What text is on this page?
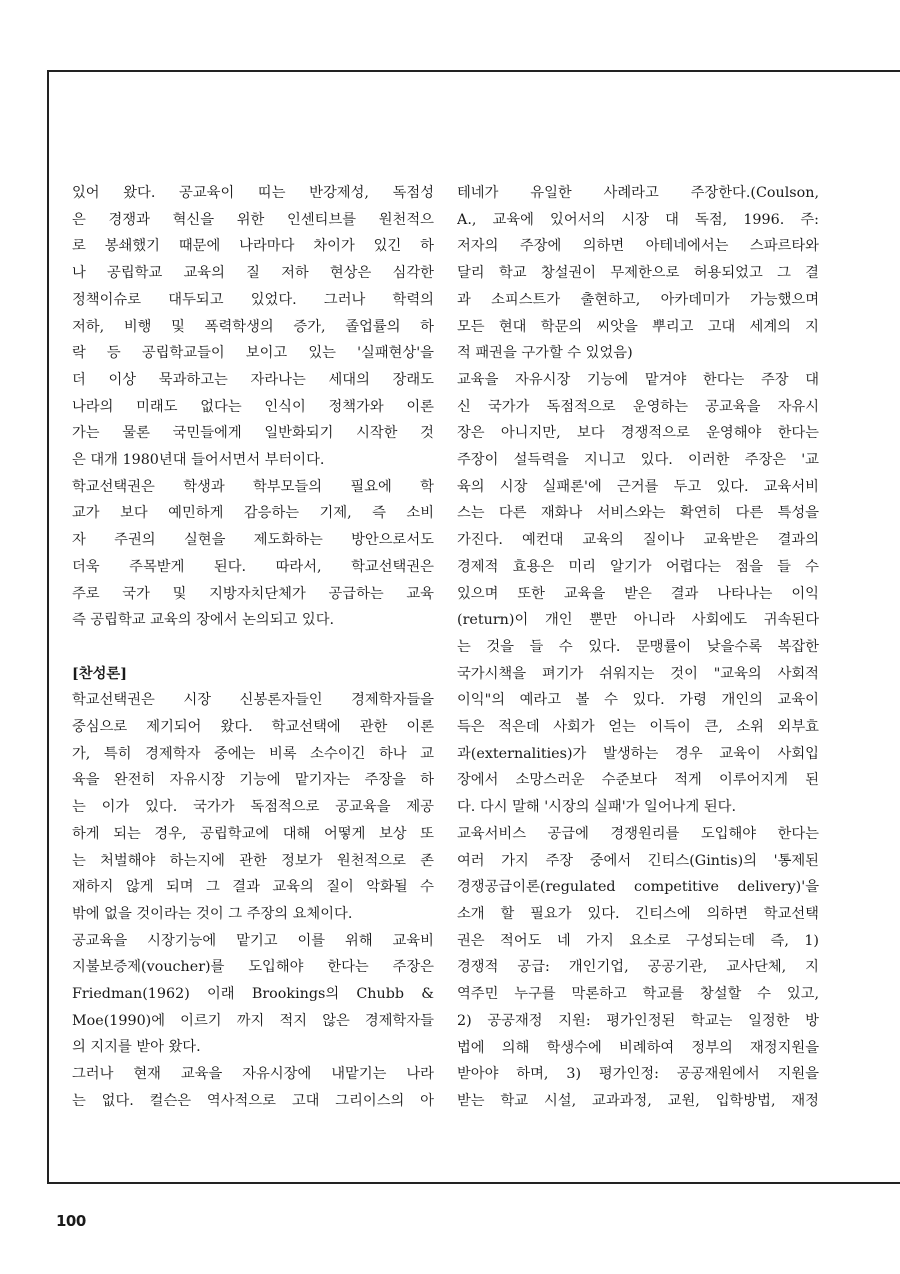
있어 왔다. 공교육이 띠는 반강제성, 독점성
은 경쟁과 혁신을 위한 인센티브를 원천적으
로 봉쇄했기 때문에 나라마다 차이가 있긴 하
나 공립학교 교육의 질 저하 현상은 심각한
정책이슈로 대두되고 있었다. 그러나 학력의
저하, 비행 및 폭력학생의 증가, 졸업률의 하
락 등 공립학교들이 보이고 있는 '실패현상'을
더 이상 묵과하고는 자라나는 세대의 장래도
나라의 미래도 없다는 인식이 정책가와 이론
가는 물론 국민들에게 일반화되기 시작한 것
은 대개 1980년대 들어서면서 부터이다.
학교선택권은 학생과 학부모들의 필요에 학
교가 보다 예민하게 감응하는 기제, 즉 소비
자 주권의 실현을 제도화하는 방안으로서도
더욱 주목받게 된다. 따라서, 학교선택권은
주로 국가 및 지방자치단체가 공급하는 교육
즉 공립학교 교육의 장에서 논의되고 있다.
[찬성론]
학교선택권은 시장 신봉론자들인 경제학자들을
중심으로 제기되어 왔다. 학교선택에 관한 이론
가, 특히 경제학자 중에는 비록 소수이긴 하나 교
육을 완전히 자유시장 기능에 맡기자는 주장을 하
는 이가 있다. 국가가 독점적으로 공교육을 제공
하게 되는 경우, 공립학교에 대해 어떻게 보상 또
는 처벌해야 하는지에 관한 정보가 원천적으로 존
재하지 않게 되며 그 결과 교육의 질이 악화될 수
밖에 없을 것이라는 것이 그 주장의 요체이다.
공교육을 시장기능에 맡기고 이를 위해 교육비
지불보증제(voucher)를 도입해야 한다는 주장은
Friedman(1962) 이래 Brookings의 Chubb &
Moe(1990)에 이르기 까지 적지 않은 경제학자들
의 지지를 받아 왔다.
그러나 현재 교육을 자유시장에 내맡기는 나라
는 없다. 컬슨은 역사적으로 고대 그리이스의 아
테네가 유일한 사례라고 주장한다.(Coulson,
A., 교육에 있어서의 시장 대 독점, 1996. 주:
저자의 주장에 의하면 아테네에서는 스파르타와
달리 학교 창설권이 무제한으로 허용되었고 그 결
과 소피스트가 출현하고, 아카데미가 가능했으며
모든 현대 학문의 씨앗을 뿌리고 고대 세계의 지
적 패권을 구가할 수 있었음)
교육을 자유시장 기능에 맡겨야 한다는 주장 대
신 국가가 독점적으로 운영하는 공교육을 자유시
장은 아니지만, 보다 경쟁적으로 운영해야 한다는
주장이 설득력을 지니고 있다. 이러한 주장은 '교
육의 시장 실패론'에 근거를 두고 있다. 교육서비
스는 다른 재화나 서비스와는 확연히 다른 특성을
가진다. 예컨대 교육의 질이나 교육받은 결과의
경제적 효용은 미리 알기가 어렵다는 점을 들 수
있으며 또한 교육을 받은 결과 나타나는 이익
(return)이 개인 뿐만 아니라 사회에도 귀속된다
는 것을 들 수 있다. 문맹률이 낮을수록 복잡한
국가시책을 펴기가 쉬워지는 것이 "교육의 사회적
이익"의 예라고 볼 수 있다. 가령 개인의 교육이
득은 적은데 사회가 얻는 이득이 큰, 소위 외부효
과(externalities)가 발생하는 경우 교육이 사회입
장에서 소망스러운 수준보다 적게 이루어지게 된
다. 다시 말해 '시장의 실패'가 일어나게 된다.
교육서비스 공급에 경쟁원리를 도입해야 한다는
여러 가지 주장 중에서 긴티스(Gintis)의 '통제된
경쟁공급이론(regulated competitive delivery)'을
소개 할 필요가 있다. 긴티스에 의하면 학교선택
권은 적어도 네 가지 요소로 구성되는데 즉, 1)
경쟁적 공급: 개인기업, 공공기관, 교사단체, 지
역주민 누구를 막론하고 학교를 창설할 수 있고,
2) 공공재정 지원: 평가인정된 학교는 일정한 방
법에 의해 학생수에 비례하여 정부의 재정지원을
받아야 하며, 3) 평가인정: 공공재원에서 지원을
받는 학교 시설, 교과과정, 교원, 입학방법, 재정
100
